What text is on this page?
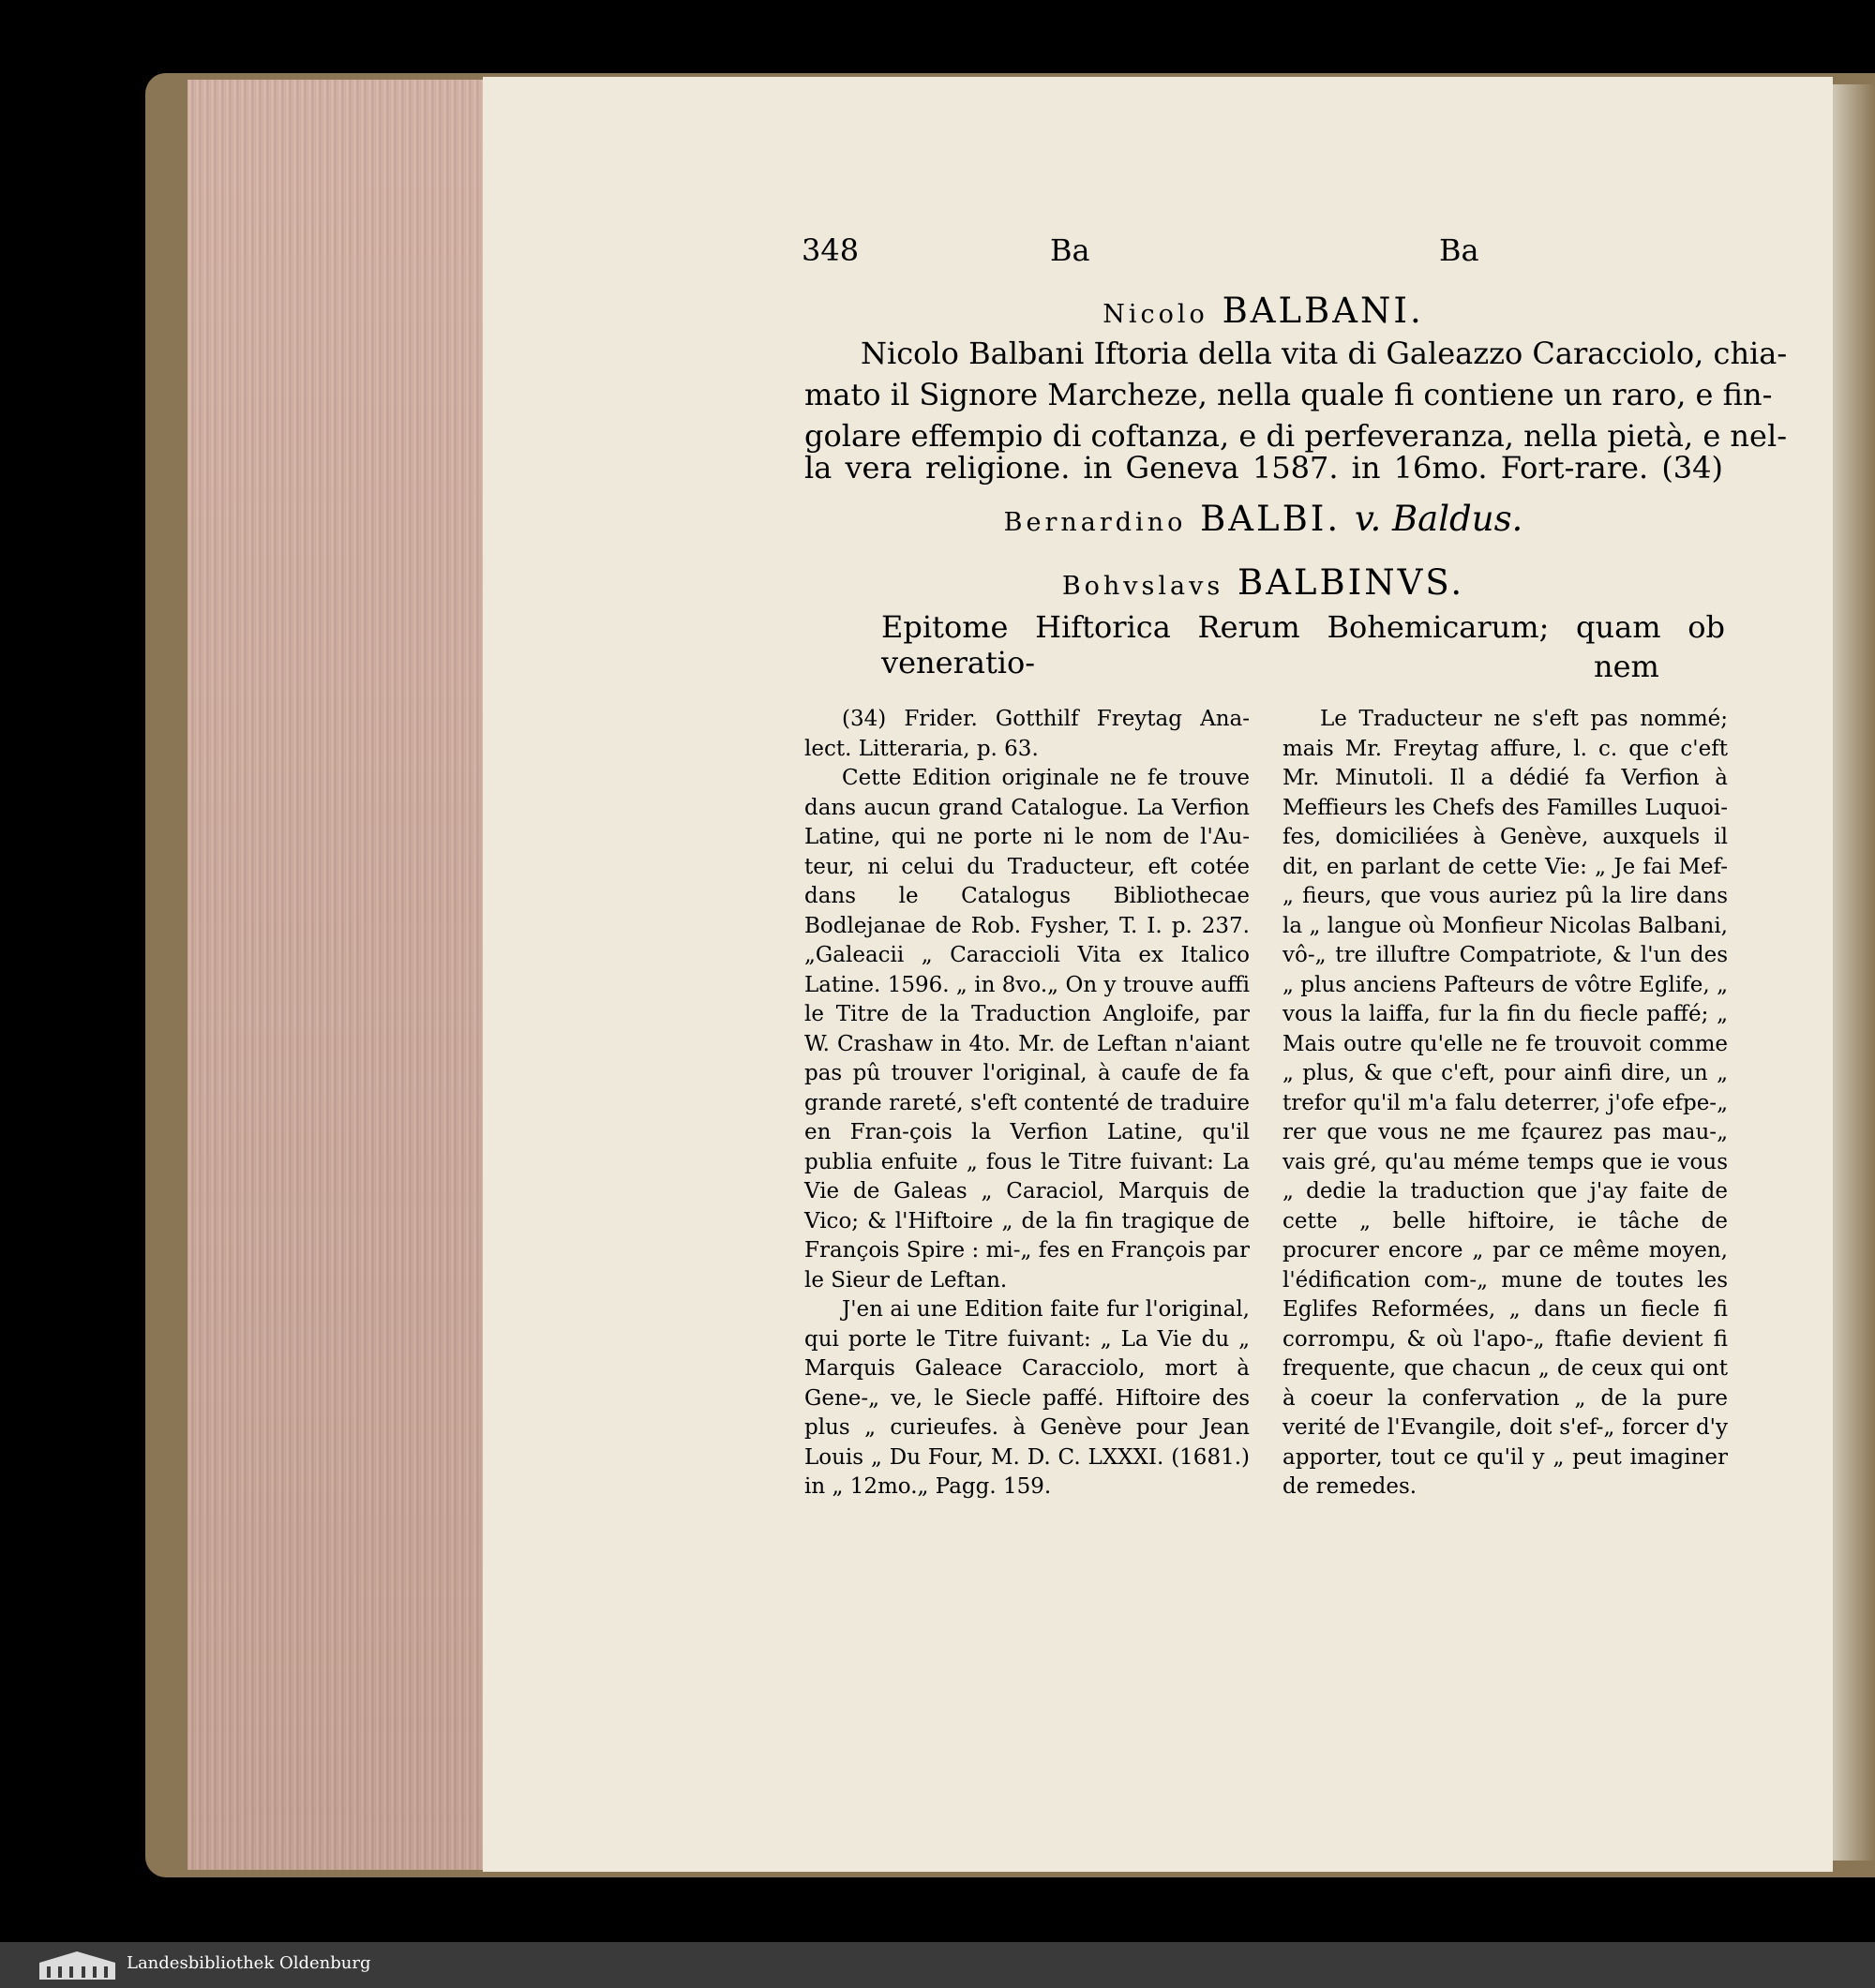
348	Ba	Ba
Nicolo BALBANI.
Nicolo Balbani Iftoria della vita di Galeazzo Caracciolo, chia-
mato il Signore Marcheze, nella quale fi contiene un raro, e fin-
golare effempio di coftanza, e di perfeveranza, nella pietà, e nel-
la vera religione. in Geneva 1587. in 16mo. Fort-rare. (34)
Bernardino BALBI. v. Baldus.
Bohvslavs BALBINVS.
Epitome Hiftorica Rerum Bohemicarum; quam ob veneratio-	nem

(34) Frider. Gotthilf Freytag Ana-lect. Litteraria, p. 63.

Cette Edition originale ne fe trouve dans aucun grand Catalogue. La Verfion Latine, qui ne porte ni le nom de l'Au-teur, ni celui du Traducteur, eft cotée dans le Catalogus Bibliothecae Bodlejanae de Rob. Fysher, T. I. p. 237. „Galeacii „ Caraccioli Vita ex Italico Latine. 1596. „ in 8vo.„ On y trouve auffi le Titre de la Traduction Angloife, par W. Crashaw in 4to. Mr. de Leftan n'aiant pas pû trouver l'original, à caufe de fa grande rareté, s'eft contenté de traduire en Fran-çois la Verfion Latine, qu'il publia enfuite „ fous le Titre fuivant: La Vie de Galeas „ Caraciol, Marquis de Vico; & l'Hiftoire „ de la fin tragique de François Spire : mi-„ fes en François par le Sieur de Leftan.

J'en ai une Edition faite fur l'original, qui porte le Titre fuivant: „ La Vie du „ Marquis Galeace Caracciolo, mort à Gene-„ ve, le Siecle paffé. Hiftoire des plus „ curieufes. à Genève pour Jean Louis „ Du Four, M. D. C. LXXXI. (1681.) in „ 12mo.„ Pagg. 159.

Le Traducteur ne s'eft pas nommé; mais Mr. Freytag affure, l. c. que c'eft Mr. Minutoli. Il a dédié fa Verfion à Meffieurs les Chefs des Familles Luquoi-fes, domiciliées à Genève, auxquels il dit, en parlant de cette Vie: „ Je fai Mef-„ fieurs, que vous auriez pû la lire dans la „ langue où Monfieur Nicolas Balbani, vô-„ tre illuftre Compatriote, & l'un des „ plus anciens Pafteurs de vôtre Eglife, „ vous la laiffa, fur la fin du fiecle paffé; „ Mais outre qu'elle ne fe trouvoit comme „ plus, & que c'eft, pour ainfi dire, un „ trefor qu'il m'a falu deterrer, j'ofe efpe-„ rer que vous ne me fçaurez pas mau-„ vais gré, qu'au méme temps que ie vous „ dedie la traduction que j'ay faite de cette „ belle hiftoire, ie tâche de procurer encore „ par ce même moyen, l'édification com-„ mune de toutes les Eglifes Reformées, „ dans un fiecle fi corrompu, & où l'apo-„ ftafie devient fi frequente, que chacun „ de ceux qui ont à coeur la confervation „ de la pure verité de l'Evangile, doit s'ef-„ forcer d'y apporter, tout ce qu'il y „ peut imaginer de remedes.

Landesbibliothek Oldenburg
